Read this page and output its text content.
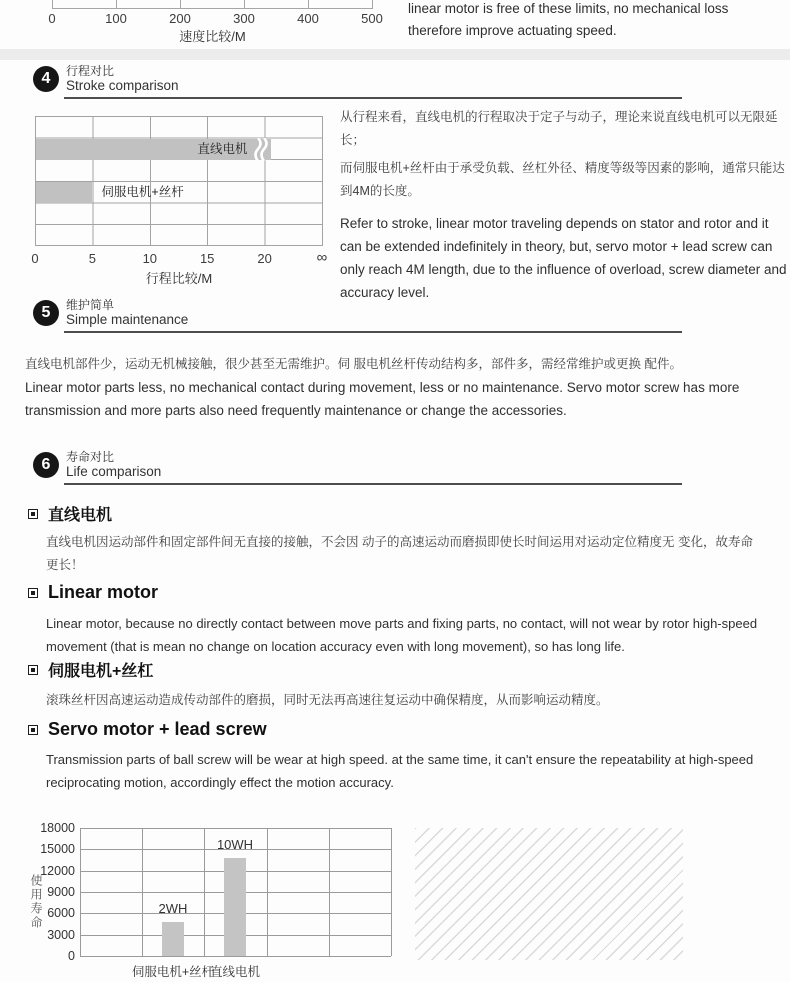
0	100	200	300	400	500
速度比较/M
linear motor is free of these limits, no mechanical loss
therefore improve actuating speed.
4	行程对比
Stroke comparison
直线电机
伺服电机+丝杆
0	5	10	15	20	∞
行程比较/M

从行程来看，直线电机的行程取决于定子与动子，理论来说直线电机可以无限延长；

而伺服电机+丝杆由于承受负载、丝杠外径、精度等级等因素的影响，通常只能达到4M的长度。

Refer to stroke, linear motor traveling depends on stator and rotor and it can be extended indefinitely in theory, but, servo motor + lead screw can only reach 4M length, due to the influence of overload, screw diameter and accuracy level.

5	维护简单
Simple maintenance
直线电机部件少，运动无机械接触，很少甚至无需维护。伺 服电机丝杆传动结构多，部件多，需经常维护或更换 配件。
Linear motor parts less, no mechanical contact during movement, less or no maintenance. Servo motor screw has more transmission and more parts also need frequently maintenance or change the accessories.
6	寿命对比
Life comparison
直线电机
直线电机因运动部件和固定部件间无直接的接触，不会因 动子的高速运动而磨损即使长时间运用对运动定位精度无 变化，故寿命更长！
Linear motor
Linear motor, because no directly contact between move parts and fixing parts, no contact, will not wear by rotor high-speed movement (that is mean no change on location accuracy even with long movement), so has long life.
伺服电机+丝杠
滚珠丝杆因高速运动造成传动部件的磨损，同时无法再高速往复运动中确保精度，从而影响运动精度。
Servo motor + lead screw
Transmission parts of ball screw will be wear at high speed. at the same time, it can't ensure the repeatability at high-speed reciprocating motion, accordingly effect the motion accuracy.
使用寿命
18000
15000
12000
9000
6000
3000
0
2WH
10WH
伺服电机+丝杆
直线电机
